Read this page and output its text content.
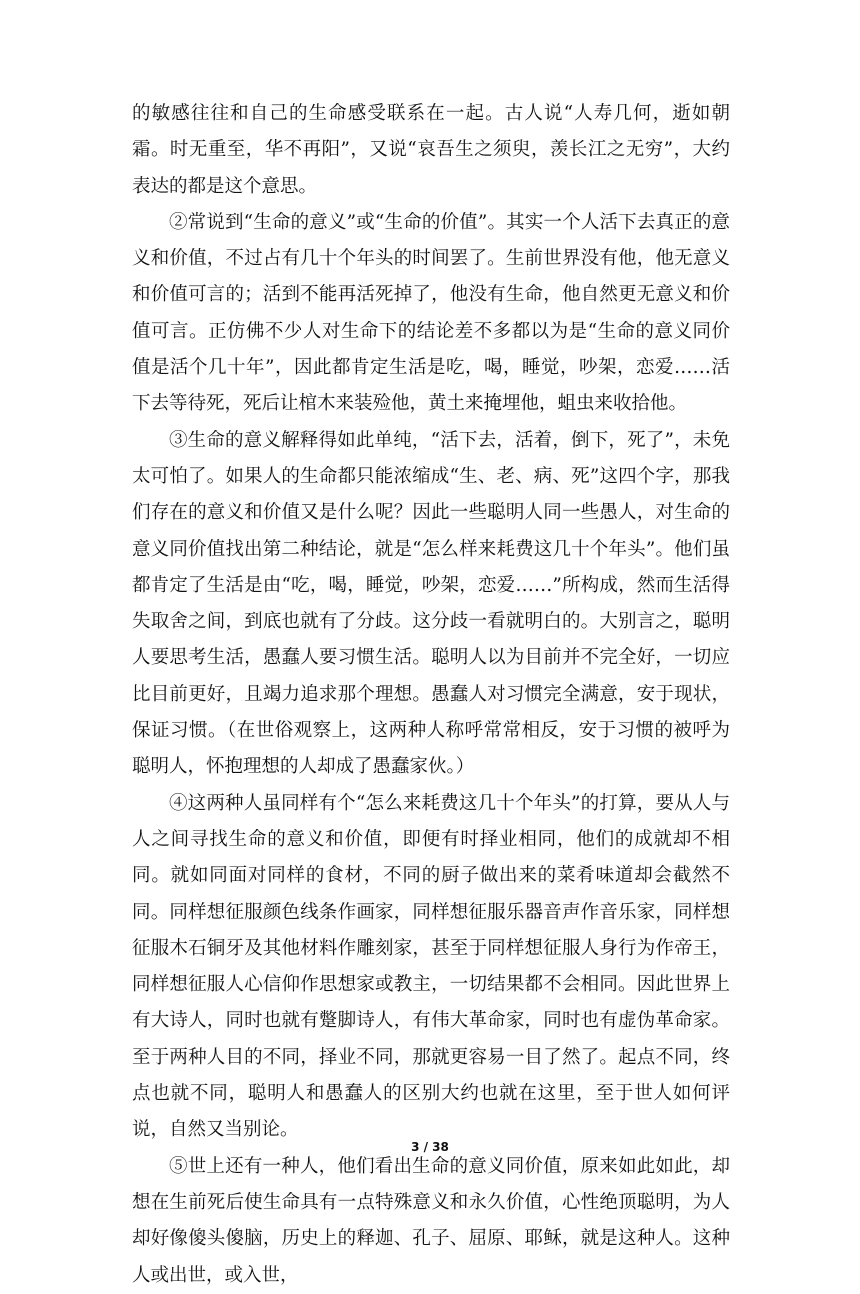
的敏感往往和自己的生命感受联系在一起。古人说“人寿几何，逝如朝霜。时无重至，华不再阳”，又说“哀吾生之须臾，羡长江之无穷”，大约表达的都是这个意思。

②常说到“生命的意义”或“生命的价值”。其实一个人活下去真正的意义和价值，不过占有几十个年头的时间罢了。生前世界没有他，他无意义和价值可言的；活到不能再活死掉了，他没有生命，他自然更无意义和价值可言。正仿佛不少人对生命下的结论差不多都以为是“生命的意义同价值是活个几十年”，因此都肯定生活是吃，喝，睡觉，吵架，恋爱……活下去等待死，死后让棺木来装殓他，黄土来掩埋他，蛆虫来收拾他。

③生命的意义解释得如此单纯，“活下去，活着，倒下，死了”，未免太可怕了。如果人的生命都只能浓缩成“生、老、病、死”这四个字，那我们存在的意义和价值又是什么呢？因此一些聪明人同一些愚人，对生命的意义同价值找出第二种结论，就是“怎么样来耗费这几十个年头”。他们虽都肯定了生活是由“吃，喝，睡觉，吵架，恋爱……”所构成，然而生活得失取舍之间，到底也就有了分歧。这分歧一看就明白的。大别言之，聪明人要思考生活，愚蠢人要习惯生活。聪明人以为目前并不完全好，一切应比目前更好，且竭力追求那个理想。愚蠢人对习惯完全满意，安于现状，保证习惯。（在世俗观察上，这两种人称呼常常相反，安于习惯的被呼为聪明人，怀抱理想的人却成了愚蠢家伙。）

④这两种人虽同样有个“怎么来耗费这几十个年头”的打算，要从人与人之间寻找生命的意义和价值，即便有时择业相同，他们的成就却不相同。就如同面对同样的食材，不同的厨子做出来的菜肴味道却会截然不同。同样想征服颜色线条作画家，同样想征服乐器音声作音乐家，同样想征服木石铜牙及其他材料作雕刻家，甚至于同样想征服人身行为作帝王，同样想征服人心信仰作思想家或教主，一切结果都不会相同。因此世界上有大诗人，同时也就有蹩脚诗人，有伟大革命家，同时也有虚伪革命家。至于两种人目的不同，择业不同，那就更容易一目了然了。起点不同，终点也就不同，聪明人和愚蠢人的区别大约也就在这里，至于世人如何评说，自然又当别论。

⑤世上还有一种人，他们看出生命的意义同价值，原来如此如此，却想在生前死后使生命具有一点特殊意义和永久价值，心性绝顶聪明，为人却好像傻头傻脑，历史上的释迦、孔子、屈原、耶稣，就是这种人。这种人或出世，或入世，

3 / 38
